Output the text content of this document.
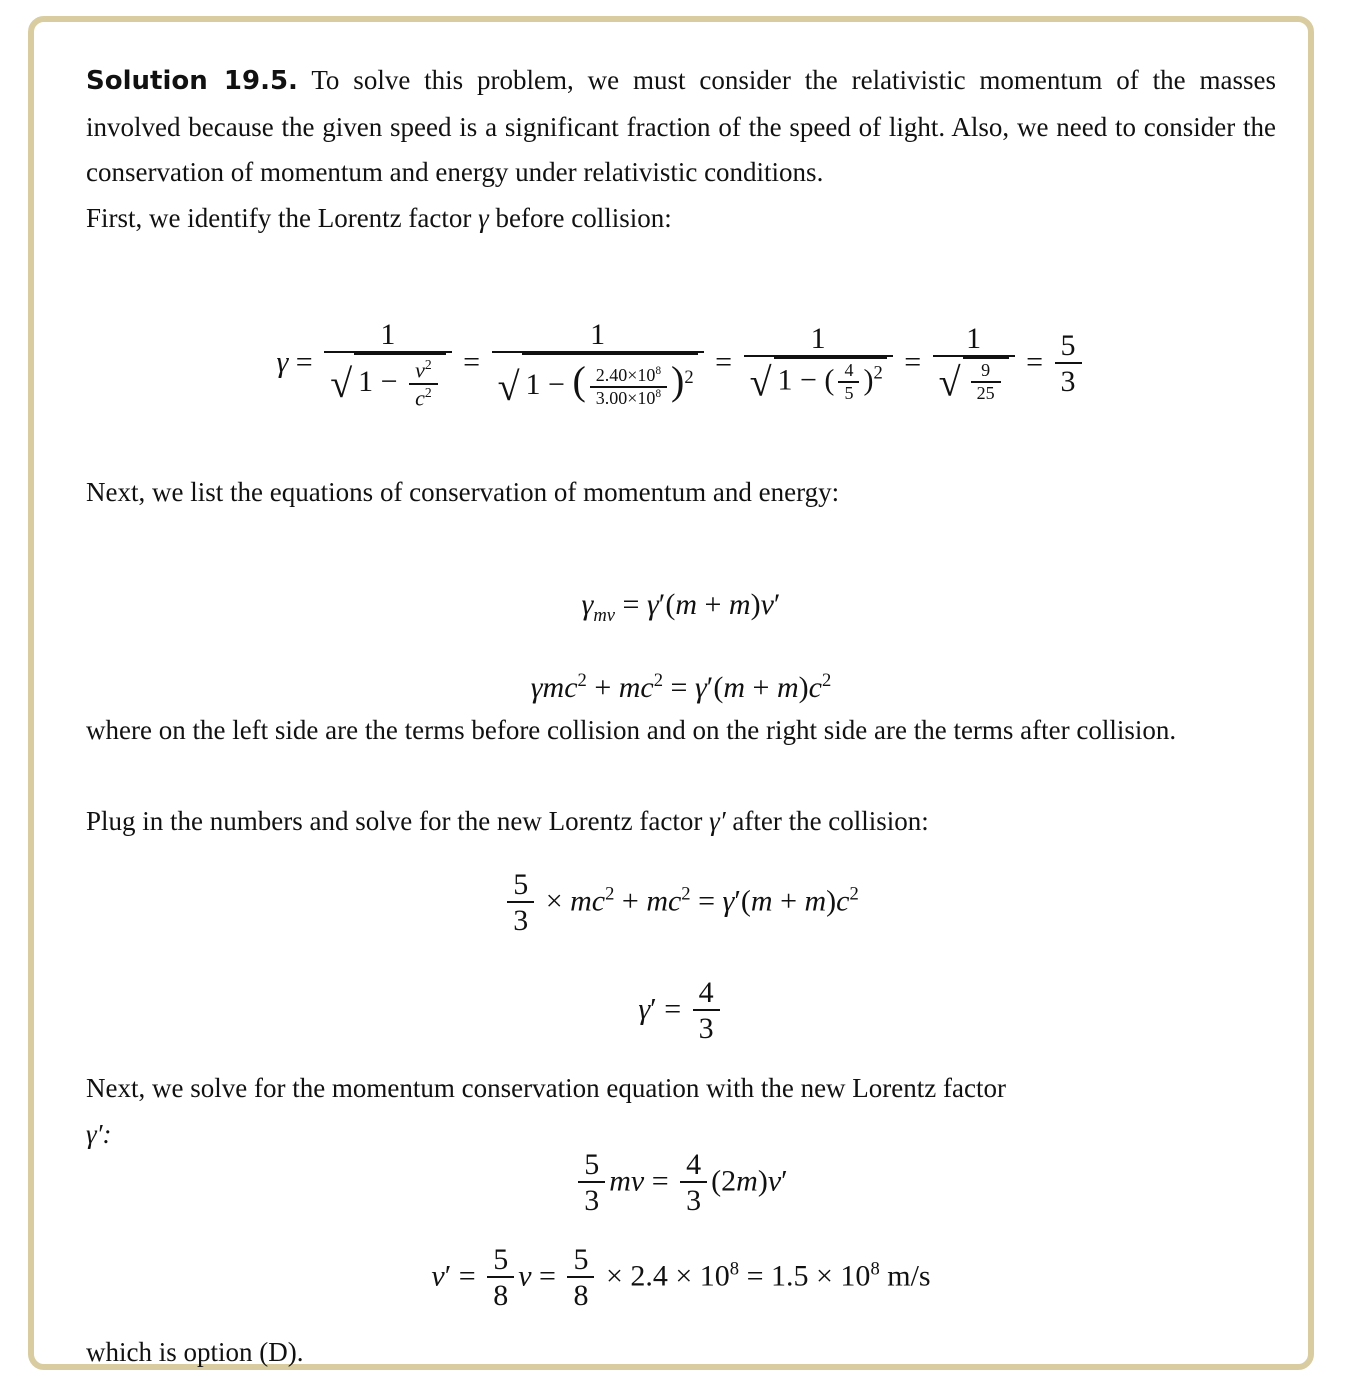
Solution 19.5. To solve this problem, we must consider the relativistic momentum of the masses involved because the given speed is a significant fraction of the speed of light. Also, we need to consider the conservation of momentum and energy under relativistic conditions.

First, we identify the Lorentz factor γ before collision:

$\gamma = \frac{1}{√ 1 - \frac{v^2}{c^2}} = \frac{1}{√ 1 - ( \frac{2.40\times 10^8}{3.00\times 10^8} )^2} = \frac{1}{√ 1 - ( \frac{4}{5} )^2} = \frac{1}{√ \frac{9}{25}} = \frac{5}{3}$

Next, we list the equations of conservation of momentum and energy:

$\gamma_{mv} = \gamma'(m + m)v'$
$\gamma mc^2 + mc^2 = \gamma'(m + m)c^2$

where on the left side are the terms before collision and on the right side are the terms after collision.

Plug in the numbers and solve for the new Lorentz factor γ′ after the collision:

$\frac{5}{3} \times mc^2 + mc^2 = \gamma'(m + m)c^2$
$\gamma' = \frac{4}{3}$

Next, we solve for the momentum conservation equation with the new Lorentz factor
γ′:

$\frac{5}{3}$ mv = $\frac{4}{3} (2m)v'$
$v' = \frac{5}{8}$ $v = \frac{5}{8} \times 2.4 \times 10^8 = 1.5 \times 10^8$ m/s

which is option (D).
